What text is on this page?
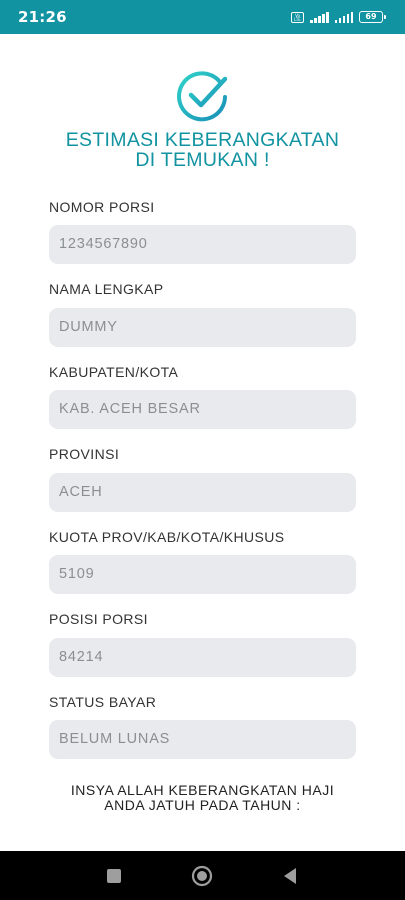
21:26	Vo LTE	69
ESTIMASI KEBERANGKATAN
DI TEMUKAN !
NOMOR PORSI
1234567890
NAMA LENGKAP
DUMMY
KABUPATEN/KOTA
KAB. ACEH BESAR
PROVINSI
ACEH
KUOTA PROV/KAB/KOTA/KHUSUS
5109
POSISI PORSI
84214
STATUS BAYAR
BELUM LUNAS
INSYA ALLAH KEBERANGKATAN HAJI
ANDA JATUH PADA TAHUN :
